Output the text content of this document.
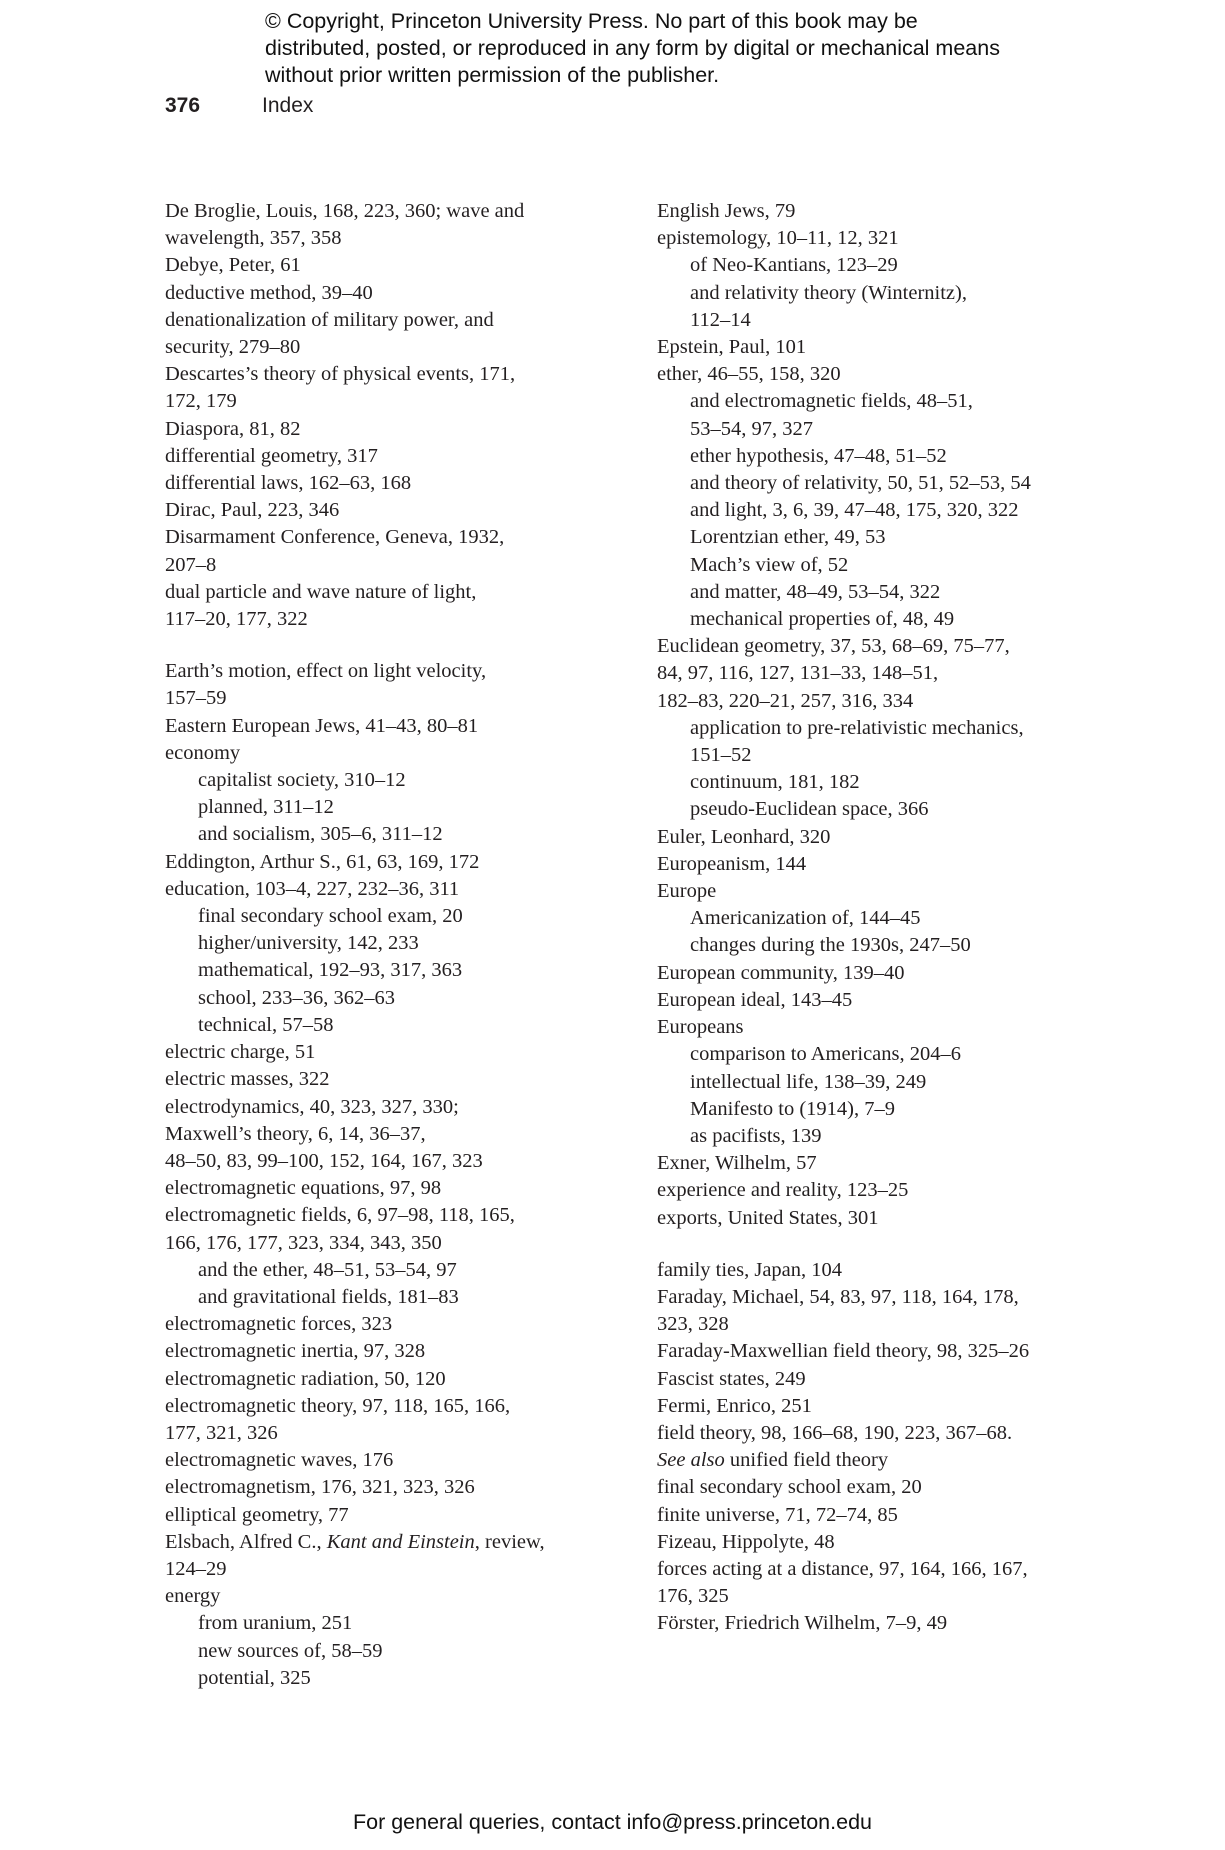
© Copyright, Princeton University Press. No part of this book may be distributed, posted, or reproduced in any form by digital or mechanical means without prior written permission of the publisher.
376	Index
De Broglie, Louis, 168, 223, 360; wave and
wavelength, 357, 358
Debye, Peter, 61
deductive method, 39–40
denationalization of military power, and
security, 279–80
Descartes’s theory of physical events, 171,
172, 179
Diaspora, 81, 82
differential geometry, 317
differential laws, 162–63, 168
Dirac, Paul, 223, 346
Disarmament Conference, Geneva, 1932,
207–8
dual particle and wave nature of light,
117–20, 177, 322
Earth’s motion, effect on light velocity,
157–59
Eastern European Jews, 41–43, 80–81
economy
capitalist society, 310–12
planned, 311–12
and socialism, 305–6, 311–12
Eddington, Arthur S., 61, 63, 169, 172
education, 103–4, 227, 232–36, 311
final secondary school exam, 20
higher/university, 142, 233
mathematical, 192–93, 317, 363
school, 233–36, 362–63
technical, 57–58
electric charge, 51
electric masses, 322
electrodynamics, 40, 323, 327, 330;
Maxwell’s theory, 6, 14, 36–37,
48–50, 83, 99–100, 152, 164, 167, 323
electromagnetic equations, 97, 98
electromagnetic fields, 6, 97–98, 118, 165,
166, 176, 177, 323, 334, 343, 350
and the ether, 48–51, 53–54, 97
and gravitational fields, 181–83
electromagnetic forces, 323
electromagnetic inertia, 97, 328
electromagnetic radiation, 50, 120
electromagnetic theory, 97, 118, 165, 166,
177, 321, 326
electromagnetic waves, 176
electromagnetism, 176, 321, 323, 326
elliptical geometry, 77
Elsbach, Alfred C., Kant and Einstein, review,
124–29
energy
from uranium, 251
new sources of, 58–59
potential, 325
English Jews, 79
epistemology, 10–11, 12, 321
of Neo-Kantians, 123–29
and relativity theory (Winternitz),
112–14
Epstein, Paul, 101
ether, 46–55, 158, 320
and electromagnetic fields, 48–51,
53–54, 97, 327
ether hypothesis, 47–48, 51–52
and theory of relativity, 50, 51, 52–53, 54
and light, 3, 6, 39, 47–48, 175, 320, 322
Lorentzian ether, 49, 53
Mach’s view of, 52
and matter, 48–49, 53–54, 322
mechanical properties of, 48, 49
Euclidean geometry, 37, 53, 68–69, 75–77,
84, 97, 116, 127, 131–33, 148–51,
182–83, 220–21, 257, 316, 334
application to pre-relativistic mechanics,
151–52
continuum, 181, 182
pseudo-Euclidean space, 366
Euler, Leonhard, 320
Europeanism, 144
Europe
Americanization of, 144–45
changes during the 1930s, 247–50
European community, 139–40
European ideal, 143–45
Europeans
comparison to Americans, 204–6
intellectual life, 138–39, 249
Manifesto to (1914), 7–9
as pacifists, 139
Exner, Wilhelm, 57
experience and reality, 123–25
exports, United States, 301
family ties, Japan, 104
Faraday, Michael, 54, 83, 97, 118, 164, 178,
323, 328
Faraday-Maxwellian field theory, 98, 325–26
Fascist states, 249
Fermi, Enrico, 251
field theory, 98, 166–68, 190, 223, 367–68.
See also unified field theory
final secondary school exam, 20
finite universe, 71, 72–74, 85
Fizeau, Hippolyte, 48
forces acting at a distance, 97, 164, 166, 167,
176, 325
Förster, Friedrich Wilhelm, 7–9, 49
For general queries, contact info@press.princeton.edu
